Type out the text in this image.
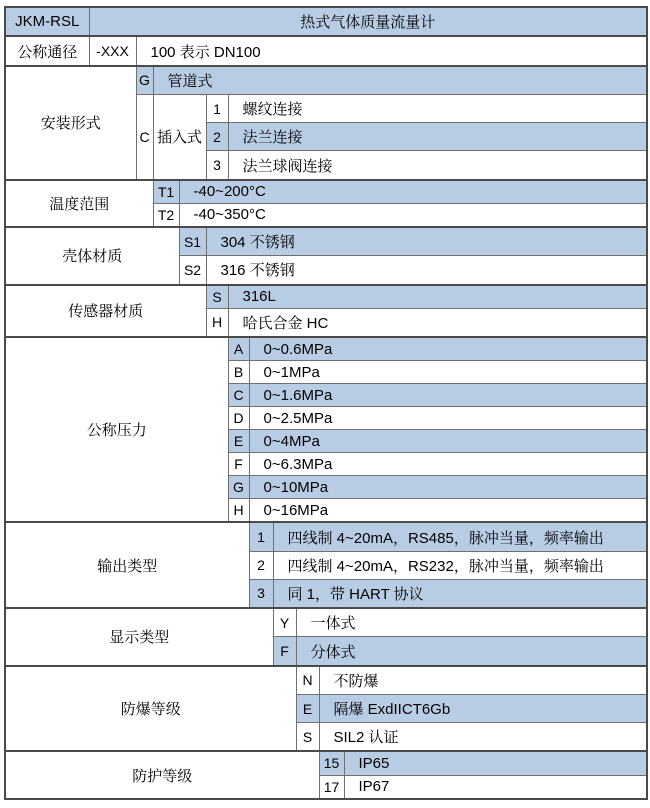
JKM-RSL	热式气体质量流量计										
公称通径	-XXX	100 表示 DN100									
安装形式		G	管道式								
		C	插入式		1	螺纹连接					
					2	法兰连接					
					3	法兰球阀连接					
温度范围			T1	-40~200°C							
			T2	-40~350°C							
壳体材质				S1	304 不锈钢						
				S2	316 不锈钢						
传感器材质					S	316L					
					H	哈氏合金 HC					
公称压力						A	0~0.6MPa				
						B	0~1MPa				
						C	0~1.6MPa				
						D	0~2.5MPa				
						E	0~4MPa				
						F	0~6.3MPa				
						G	0~10MPa				
						H	0~16MPa				
输出类型							1	四线制 4~20mA，RS485，脉冲当量，频率输出			
							2	四线制 4~20mA，RS232，脉冲当量，频率输出			
							3	同 1，带 HART 协议			
显示类型								Y	一体式		
								F	分体式		
防爆等级									N	不防爆	
									E	隔爆 ExdIICT6Gb	
									S	SIL2 认证	
防护等级										15	IP65
										17	IP67
